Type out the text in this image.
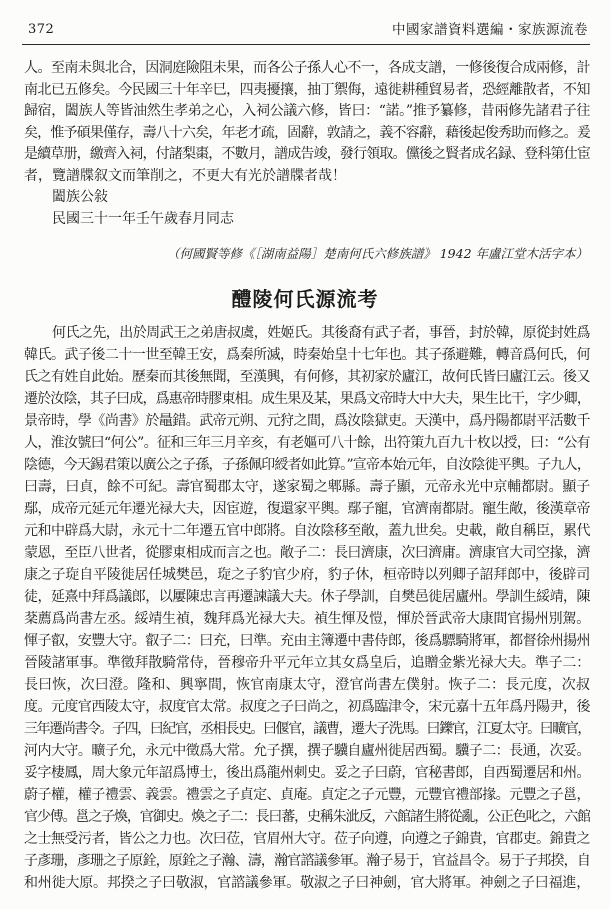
372	中國家譜資料選編・家族源流卷
人。至南未與北合，因洞庭險阻未果，而各公子孫人心不一，各成支譜，一修後復合成兩修，計
南北已五修矣。今民國三十年辛巳，四夷擾攘，抽丁禦侮，遠徙耕種貿易者，恐經離散者，不知
歸宿，闔族人等皆油然生孝弟之心，入祠公議六修，皆曰：“諾。”推予纂修，昔兩修先諸君子往
矣，惟予碩果僅存，壽八十六矣，年老才疏，固辭，敦請之，義不容辭，藉後起俊秀助而修之。爰
是續草册，繳齊入祠，付諸梨棗，不數月，譜成告竣，發行領取。儻後之賢者成名録、登科第仕宦
者，覽譜牒叙文而筆削之，不更大有光於譜牒者哉！
闔族公敍
民國三十一年壬午歲春月同志
（何國賢等修《［湖南益陽］楚南何氏六修族譜》 1942 年盧江堂木活字本）
醴陵何氏源流考
何氏之先，出於周武王之弟唐叔虞，姓姬氏。其後裔有武子者，事晉，封於韓，原從封姓爲
韓氏。武子後二十一世至韓王安，爲秦所滅，時秦始皇十七年也。其子孫避難，轉音爲何氏，何
氏之有姓自此始。歷秦而其後無聞，至漢興，有何修，其初家於廬江，故何氏皆曰廬江云。後又
遷於汝陰，其子曰成，爲惠帝時膠東相。成生果及某，果爲文帝時大中大夫，果生比干，字少卿，
景帝時，學《尚書》於鼂錯。武帝元朔、元狩之間，爲汝陰獄吏。天漢中，爲丹陽都尉平活數千
人，淮汝號曰“何公”。征和三年三月辛亥，有老嫗可八十餘，出符策九百九十枚以授，曰：“公有
陰德，今天錫君策以廣公之子孫，子孫佩印綬者如此算。”宣帝本始元年，自汝陰徙平輿。子九人，
曰壽，曰貞，餘不可紀。壽官蜀郡太守，遂家蜀之郫縣。壽子顯，元帝永光中京輔都尉。顯子
鄢，成帝元延元年遷光禄大夫，因宦遊，復還家平輿。鄢子寵，官濟南都尉。寵生敞，後漢章帝
元和中辟爲大尉，永元十二年遷五官中郎將。自汝陰移至敞，蓋九世矣。史載，敞自稱臣，累代
蒙恩，至臣八世者，從膠東相成而言之也。敞子二：長曰濟康，次曰濟庸。濟康官大司空掾，濟
康之子琁自平陵徙居任城樊邑，琁之子豹官少府，豹子休，桓帝時以列卿子詔拜郎中，後辟司
徒，延熹中拜爲議郎，以屢陳忠言再遷諫議大夫。休子學訓，自樊邑徙居廬州。學訓生綏靖，陳
棻薦爲尚書左丞。綏靖生禎，魏拜爲光禄大夫。禎生惲及愷，惲於晉武帝大康間官揚州別駕。
惲子叡，安豐大守。叡子二：曰充，曰準。充由主簿遷中書侍郎，後爲驃騎將軍，都督徐州揚州
晉陵諸軍事。準徵拜散騎常侍，晉穆帝升平元年立其女爲皇后，追贈金紫光禄大夫。準子二：
長曰恢，次曰澄。隆和、興寧間，恢官南康太守，澄官尚書左僕射。恢子二：長元度，次叔
度。元度官西陵太守，叔度官太常。叔度之子曰尚之，初爲臨津令，宋元嘉十五年爲丹陽尹，後
三年遷尚書令。子四，曰紀官，丞相長史。曰偃官，議曹，遷大子洗馬。曰鑠官，江夏太守。曰曠官，
河内大守。曠子允，永元中徵爲大常。允子撰，撰子驥自廬州徙居西蜀。驥子二：長通，次妥。
妥字棲鳳，周大象元年詔爲博士，後出爲龍州刺史。妥之子曰蔚，官秘書郎，自西蜀遷居和州。
蔚子權，權子禮雲、義雲。禮雲之子貞定、貞庵。貞定之子元豐，元豐官禮部掾。元豐之子邕，
官少傅。邕之子煥，官御史。煥之子二：長曰蕃，史稱朱泚反，六館諸生將從亂，公正色叱之，六館
之士無受污者，皆公之力也。次曰莅，官眉州大守。莅子向遵，向遵之子錦貴，官郡吏。錦貴之
子彥珊，彥珊之子原銓，原銓之子瀚、濤，瀚官諮議參軍。瀚子易于，官益昌令。易于子邦揆，自
和州徙大原。邦揆之子曰敬淑，官諮議參軍。敬淑之子曰神劍，官大將軍。神劍之子曰福進，
